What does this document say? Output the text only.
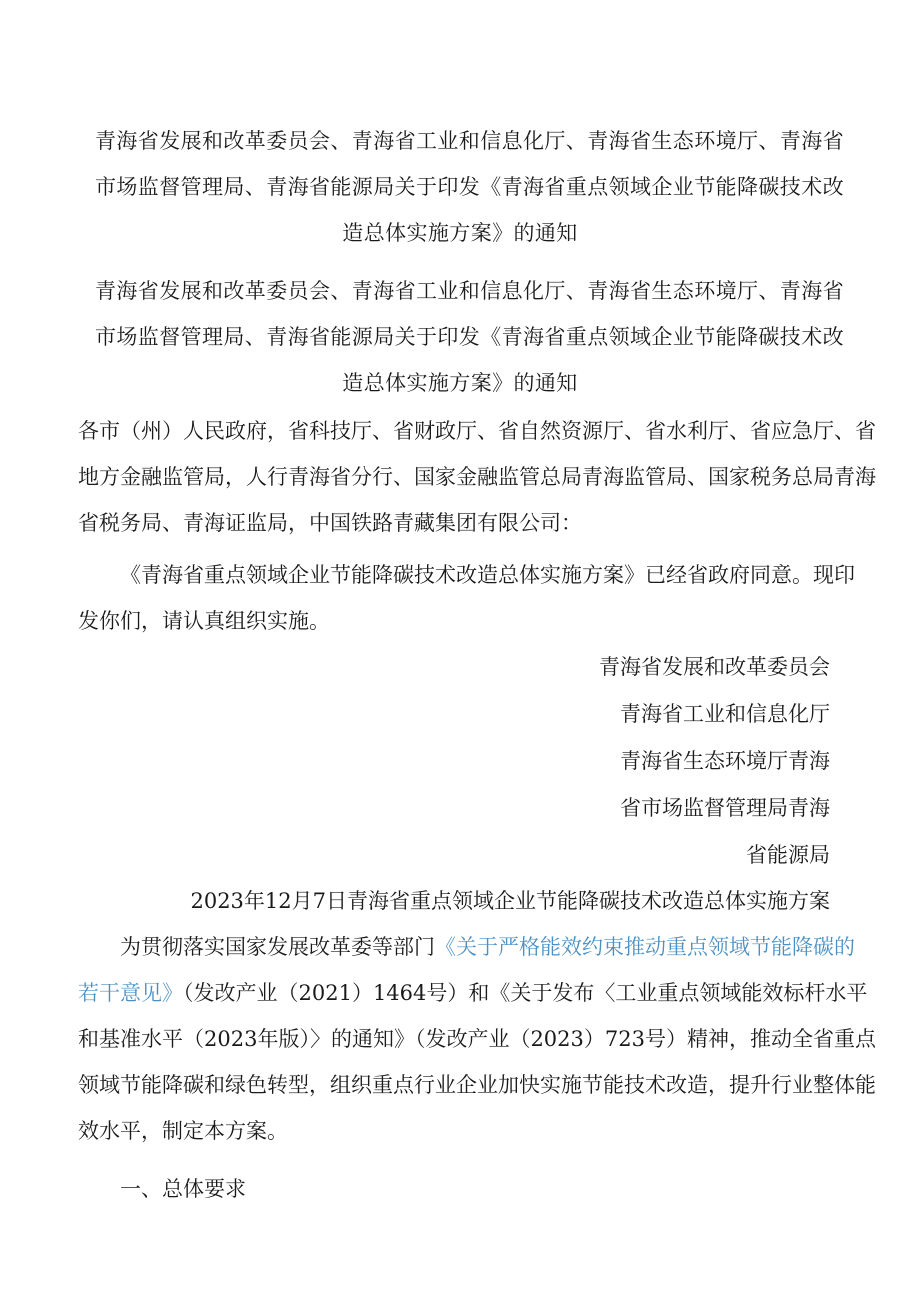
青海省发展和改革委员会、青海省工业和信息化厅、青海省生态环境厅、青海省
市场监督管理局、青海省能源局关于印发《青海省重点领域企业节能降碳技术改
造总体实施方案》的通知
青海省发展和改革委员会、青海省工业和信息化厅、青海省生态环境厅、青海省
市场监督管理局、青海省能源局关于印发《青海省重点领域企业节能降碳技术改
造总体实施方案》的通知
各市（州）人民政府，省科技厅、省财政厅、省自然资源厅、省水利厅、省应急厅、省
地方金融监管局，人行青海省分行、国家金融监管总局青海监管局、国家税务总局青海
省税务局、青海证监局，中国铁路青藏集团有限公司：
《青海省重点领域企业节能降碳技术改造总体实施方案》已经省政府同意。现印
发你们，请认真组织实施。
青海省发展和改革委员会
青海省工业和信息化厅
青海省生态环境厅青海
省市场监督管理局青海
省能源局
2023年12月7日青海省重点领域企业节能降碳技术改造总体实施方案
为贯彻落实国家发展改革委等部门《关于严格能效约束推动重点领域节能降碳的
若干意见》（发改产业（2021）1464号）和《关于发布〈工业重点领域能效标杆水平
和基准水平（2023年版）〉的通知》（发改产业（2023）723号）精神，推动全省重点
领域节能降碳和绿色转型，组织重点行业企业加快实施节能技术改造，提升行业整体能
效水平，制定本方案。
一、总体要求
